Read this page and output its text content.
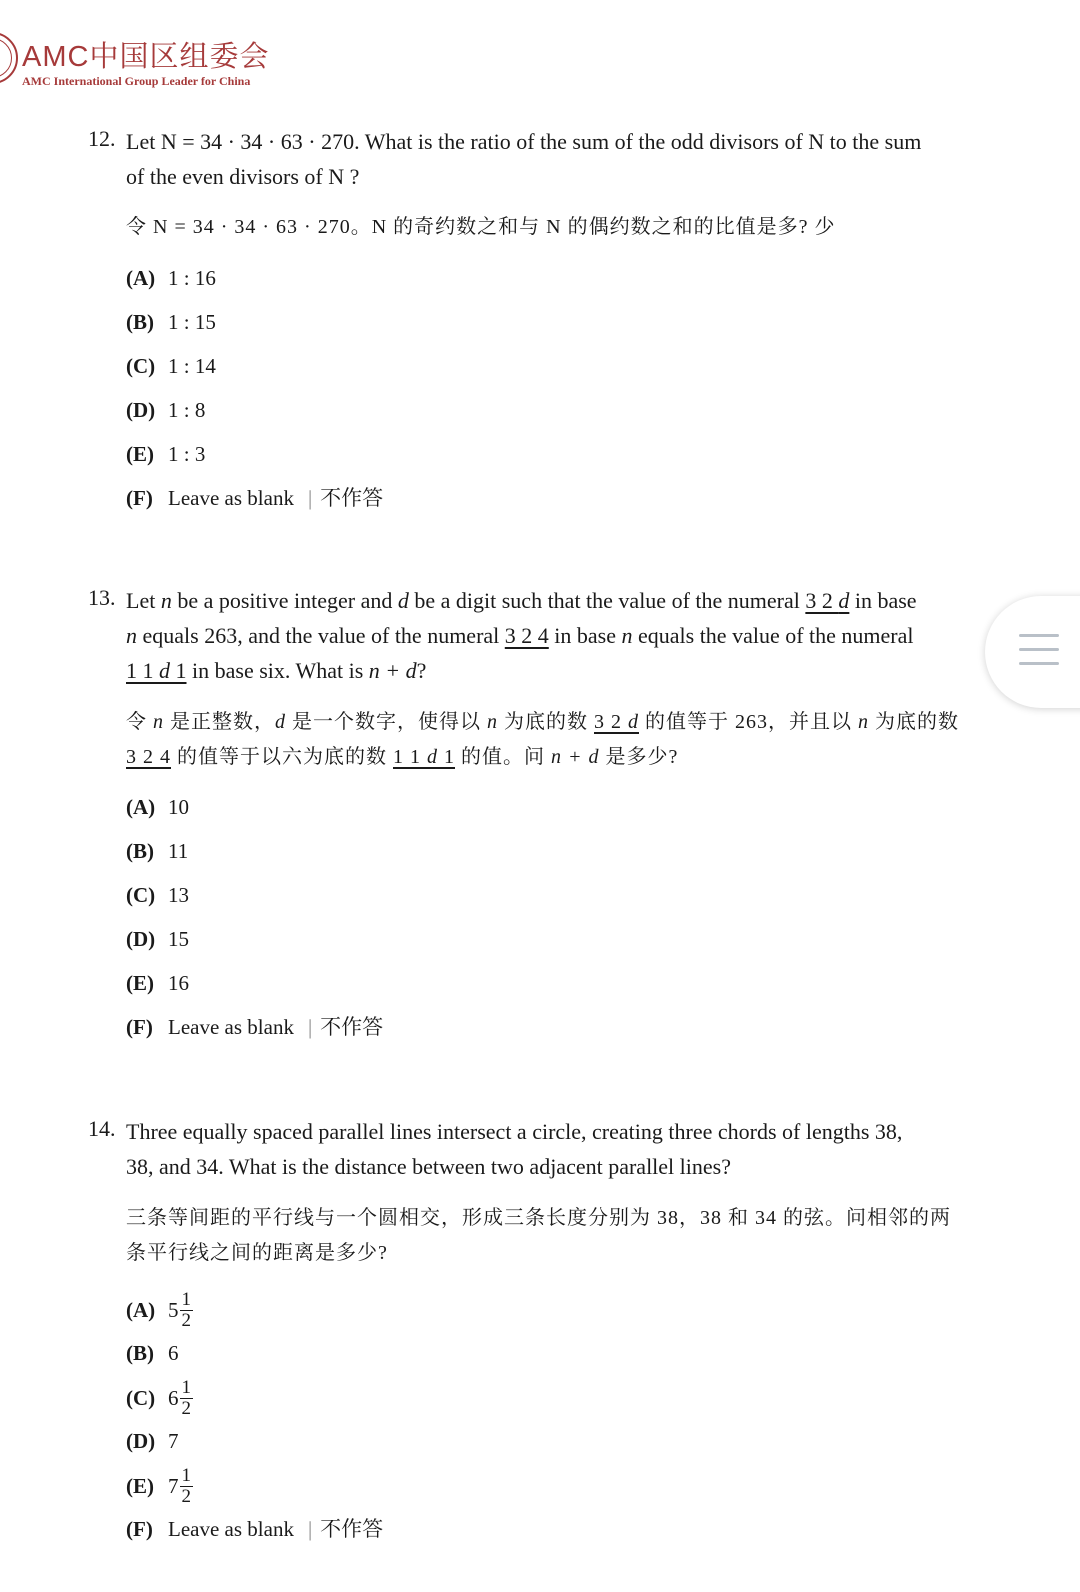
AMC中国区组委会
AMC International Group Leader for China
12. Let N = 34 · 34 · 63 · 270. What is the ratio of the sum of the odd divisors of N to the sum
of the even divisors of N ?
令 N = 34 · 34 · 63 · 270。N 的奇约数之和与 N 的偶约数之和的比值是多? 少
(A) 1 : 16
(B) 1 : 15
(C) 1 : 14
(D) 1 : 8
(E) 1 : 3
(F) Leave as blank | 不作答
13. Let n be a positive integer and d be a digit such that the value of the numeral 3 2 d in base
n equals 263, and the value of the numeral 3 2 4 in base n equals the value of the numeral
1 1 d 1 in base six. What is n + d?
令 n 是正整数，d 是一个数字，使得以 n 为底的数 3 2 d 的值等于 263，并且以 n 为底的数
3 2 4 的值等于以六为底的数 1 1 d 1 的值。问 n + d 是多少?
(A) 10
(B) 11
(C) 13
(D) 15
(E) 16
(F) Leave as blank | 不作答
14. Three equally spaced parallel lines intersect a circle, creating three chords of lengths 38,
38, and 34. What is the distance between two adjacent parallel lines?
三条等间距的平行线与一个圆相交，形成三条长度分别为 38，38 和 34 的弦。问相邻的两
条平行线之间的距离是多少?
(A) $5 \frac{1}{2}$
(B) 6
(C) $6 \frac{1}{2}$
(D) 7
(E) $7 \frac{1}{2}$
(F) Leave as blank | 不作答
